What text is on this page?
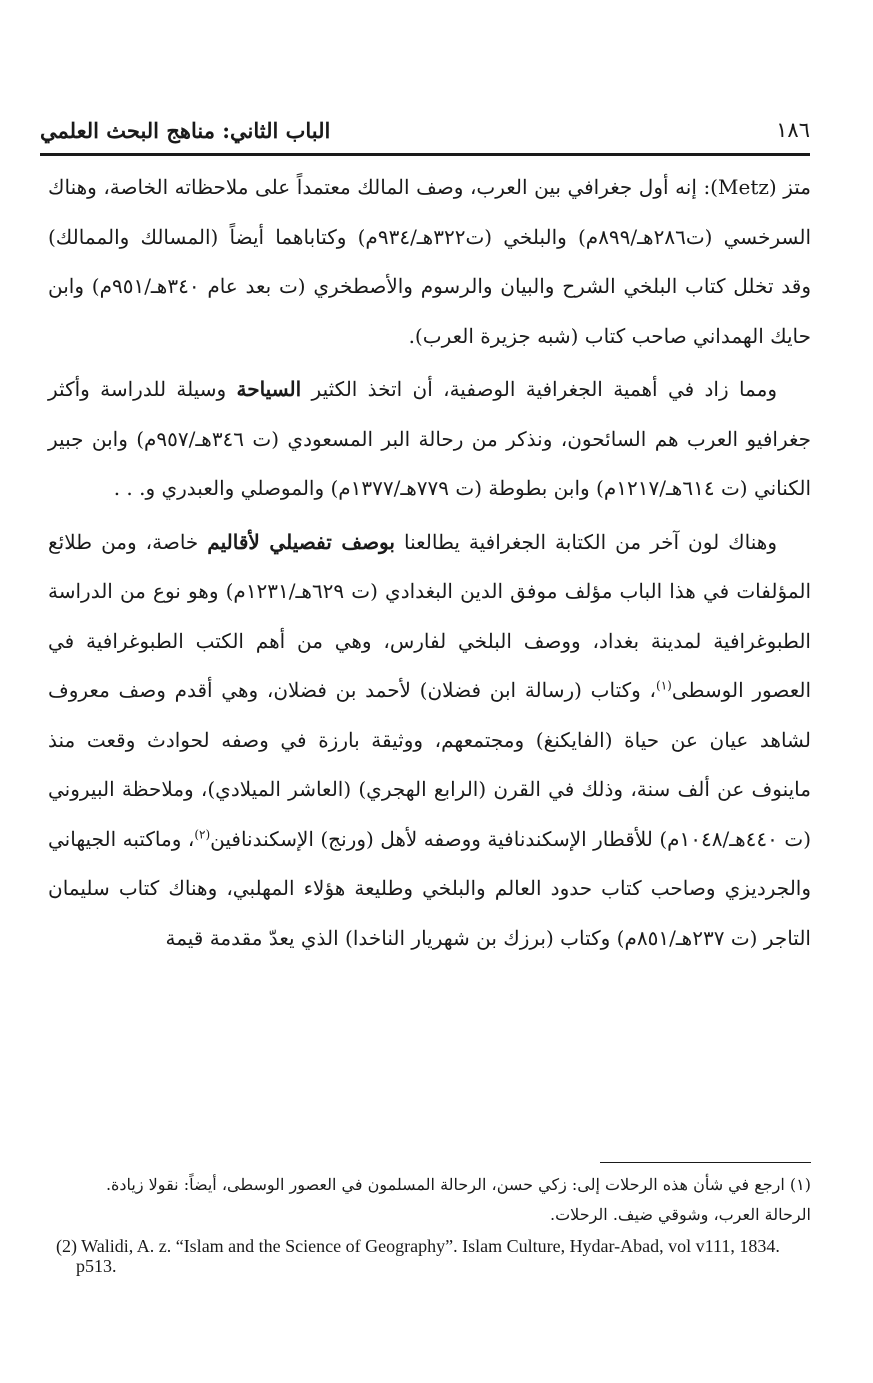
الباب الثاني: مناهج البحث العلمي	١٨٦

متز (Metz): إنه أول جغرافي بين العرب، وصف المالك معتمداً على ملاحظاته الخاصة، وهناك السرخسي (ت٢٨٦هـ/٨٩٩م) والبلخي (ت٣٢٢هـ/٩٣٤م) وكتاباهما أيضاً (المسالك والممالك) وقد تخلل كتاب البلخي الشرح والبيان والرسوم والأصطخري (ت بعد عام ٣٤٠هـ/٩٥١م) وابن حايك الهمداني صاحب كتاب (شبه جزيرة العرب).

ومما زاد في أهمية الجغرافية الوصفية، أن اتخذ الكثير السياحة وسيلة للدراسة وأكثر جغرافيو العرب هم السائحون، ونذكر من رحالة البر المسعودي (ت ٣٤٦هـ/٩٥٧م) وابن جبير الكناني (ت ٦١٤هـ/١٢١٧م) وابن بطوطة (ت ٧٧٩هـ/١٣٧٧م) والموصلي والعبدري و. . .

وهناك لون آخر من الكتابة الجغرافية يطالعنا بوصف تفصيلي لأقاليم خاصة، ومن طلائع المؤلفات في هذا الباب مؤلف موفق الدين البغدادي (ت ٦٢٩هـ/١٢٣١م) وهو نوع من الدراسة الطبوغرافية لمدينة بغداد، ووصف البلخي لفارس، وهي من أهم الكتب الطبوغرافية في العصور الوسطى$^{(١)}$، وكتاب (رسالة ابن فضلان) لأحمد بن فضلان، وهي أقدم وصف معروف لشاهد عيان عن حياة (الفايكنغ) ومجتمعهم، ووثيقة بارزة في وصفه لحوادث وقعت منذ ماينوف عن ألف سنة، وذلك في القرن (الرابع الهجري) (العاشر الميلادي)، وملاحظة البيروني (ت ٤٤٠هـ/١٠٤٨م) للأقطار الإسكندنافية ووصفه لأهل (ورنج) الإسكندنافين$^{(٢)}$، وماكتبه الجيهاني والجرديزي وصاحب كتاب حدود العالم والبلخي وطليعة هؤلاء المهلبي، وهناك كتاب سليمان التاجر (ت ٢٣٧هـ/٨٥١م) وكتاب (برزك بن شهريار الناخدا) الذي يعدّ مقدمة قيمة

(١) ارجع في شأن هذه الرحلات إلى: زكي حسن، الرحالة المسلمون في العصور الوسطى، أيضاً: نقولا زيادة.

الرحالة العرب، وشوقي ضيف. الرحلات.

(2) Walidi, A. z. “Islam and the Science of Geography”. Islam Culture, Hydar-Abad, vol v111, 1834. p513.
